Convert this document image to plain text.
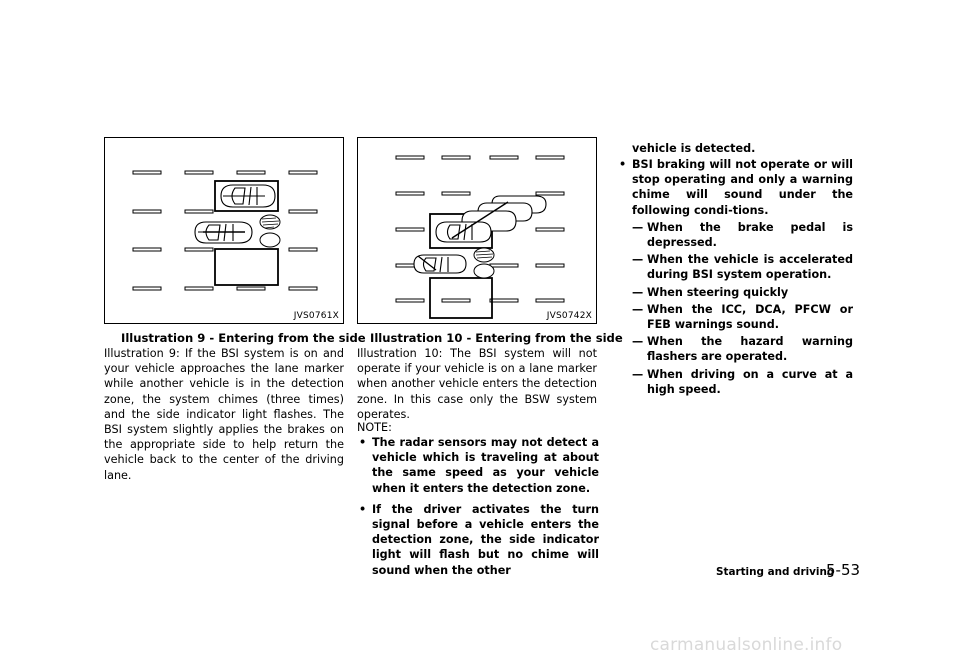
JVS0761X
Illustration 9 - Entering from the side
JVS0742X
Illustration 10 - Entering from the side

Illustration 9: If the BSI system is on and your vehicle approaches the lane marker while another vehicle is in the detection zone, the system chimes (three times) and the side indicator light flashes. The BSI system slightly applies the brakes on the appropriate side to help return the vehicle back to the center of the driving lane.

Illustration 10: The BSI system will not operate if your vehicle is on a lane marker when another vehicle enters the detection zone. In this case only the BSW system operates.

NOTE:
• The radar sensors may not detect a vehicle which is traveling at about the same speed as your vehicle when it enters the detection zone.
• If the driver activates the turn signal before a vehicle enters the detection zone, the side indicator light will flash but no chime will sound when the other
vehicle is detected.
• BSI braking will not operate or will stop operating and only a warning chime will sound under the following condi-tions.
— When the brake pedal is depressed.
— When the vehicle is accelerated during BSI system operation.
— When steering quickly
— When the ICC, DCA, PFCW or FEB warnings sound.
— When the hazard warning flashers are operated.
— When driving on a curve at a high speed.
Starting and driving
5-53
carmanualsonline.info
